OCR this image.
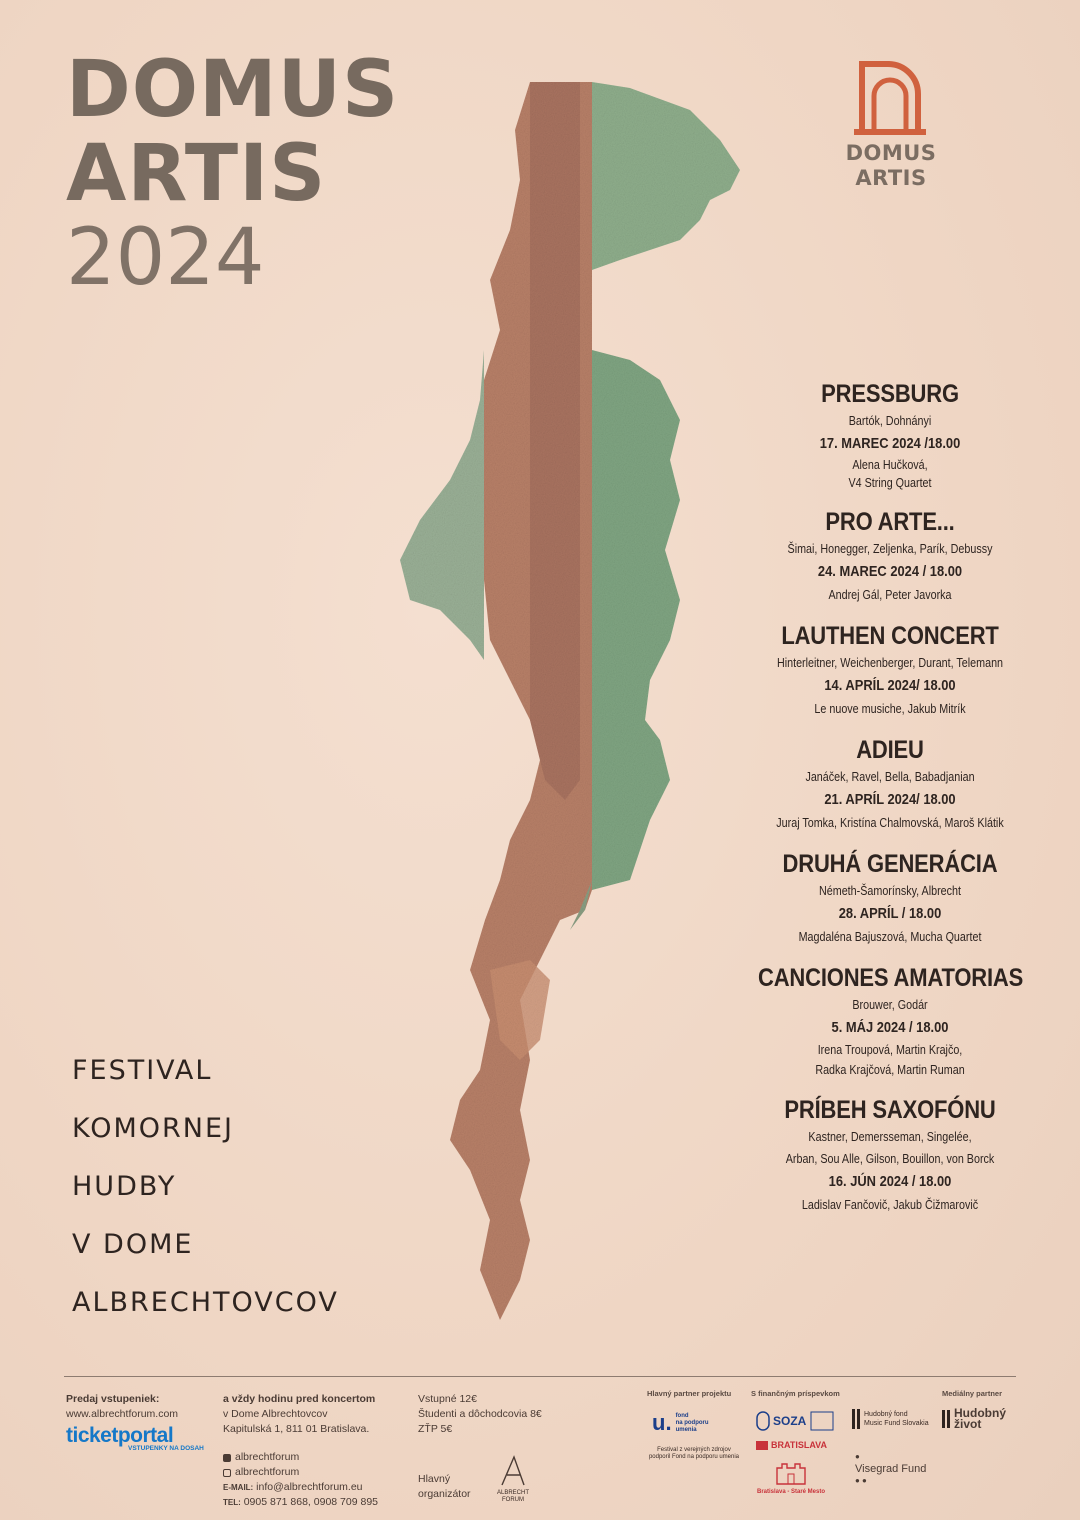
DOMUS
ARTIS
2024
DOMUS
ARTIS
PRESSBURG
Bartók, Dohnányi
17. MAREC 2024 /18.00
Alena Hučková,
V4 String Quartet
PRO ARTE...
Šimai, Honegger, Zeljenka, Parík, Debussy
24. MAREC 2024 / 18.00
Andrej Gál, Peter Javorka
LAUTHEN CONCERT
Hinterleitner, Weichenberger, Durant, Telemann
14. APRÍL 2024/ 18.00
Le nuove musiche, Jakub Mitrík
ADIEU
Janáček, Ravel, Bella, Babadjanian
21. APRÍL 2024/ 18.00
Juraj Tomka, Kristína Chalmovská, Maroš Klátik
DRUHÁ GENERÁCIA
Németh-Šamorínsky, Albrecht
28. APRÍL / 18.00
Magdaléna Bajuszová, Mucha Quartet
CANCIONES AMATORIAS
Brouwer, Godár
5. MÁJ 2024 / 18.00
Irena Troupová, Martin Krajčo,
Radka Krajčová, Martin Ruman
PRÍBEH SAXOFÓNU
Kastner, Demersseman, Singelée,
Arban, Sou Alle, Gilson, Bouillon, von Borck
16. JÚN 2024 / 18.00
Ladislav Fančovič, Jakub Čižmarovič
FESTIVAL
KOMORNEJ
HUDBY
V DOME
ALBRECHTOVCOV
Predaj vstupeniek:
www.albrechtforum.com
ticketportal
VSTUPENKY NA DOSAH
a vždy hodinu pred koncertom
v Dome Albrechtovcov
Kapitulská 1, 811 01 Bratislava.
albrechtforum
albrechtforum
E-MAIL: info@albrechtforum.eu
TEL: 0905 871 868, 0908 709 895
Vstupné 12€
Študenti a dôchodcovia 8€
ZŤP 5€
Hlavný
organizátor	ALBRECHT
FORUM
Hlavný partner projektu	S finančným príspevkom	Mediálny partner
u. fond
na podporu
umenia
Festival z verejných zdrojov
podporil Fond na podporu umenia
SOZA
BRATISLAVA
Bratislava - Staré Mesto
Hudobný fond
Music Fund Slovakia
●
Visegrad Fund
● ●
Hudobný
život
